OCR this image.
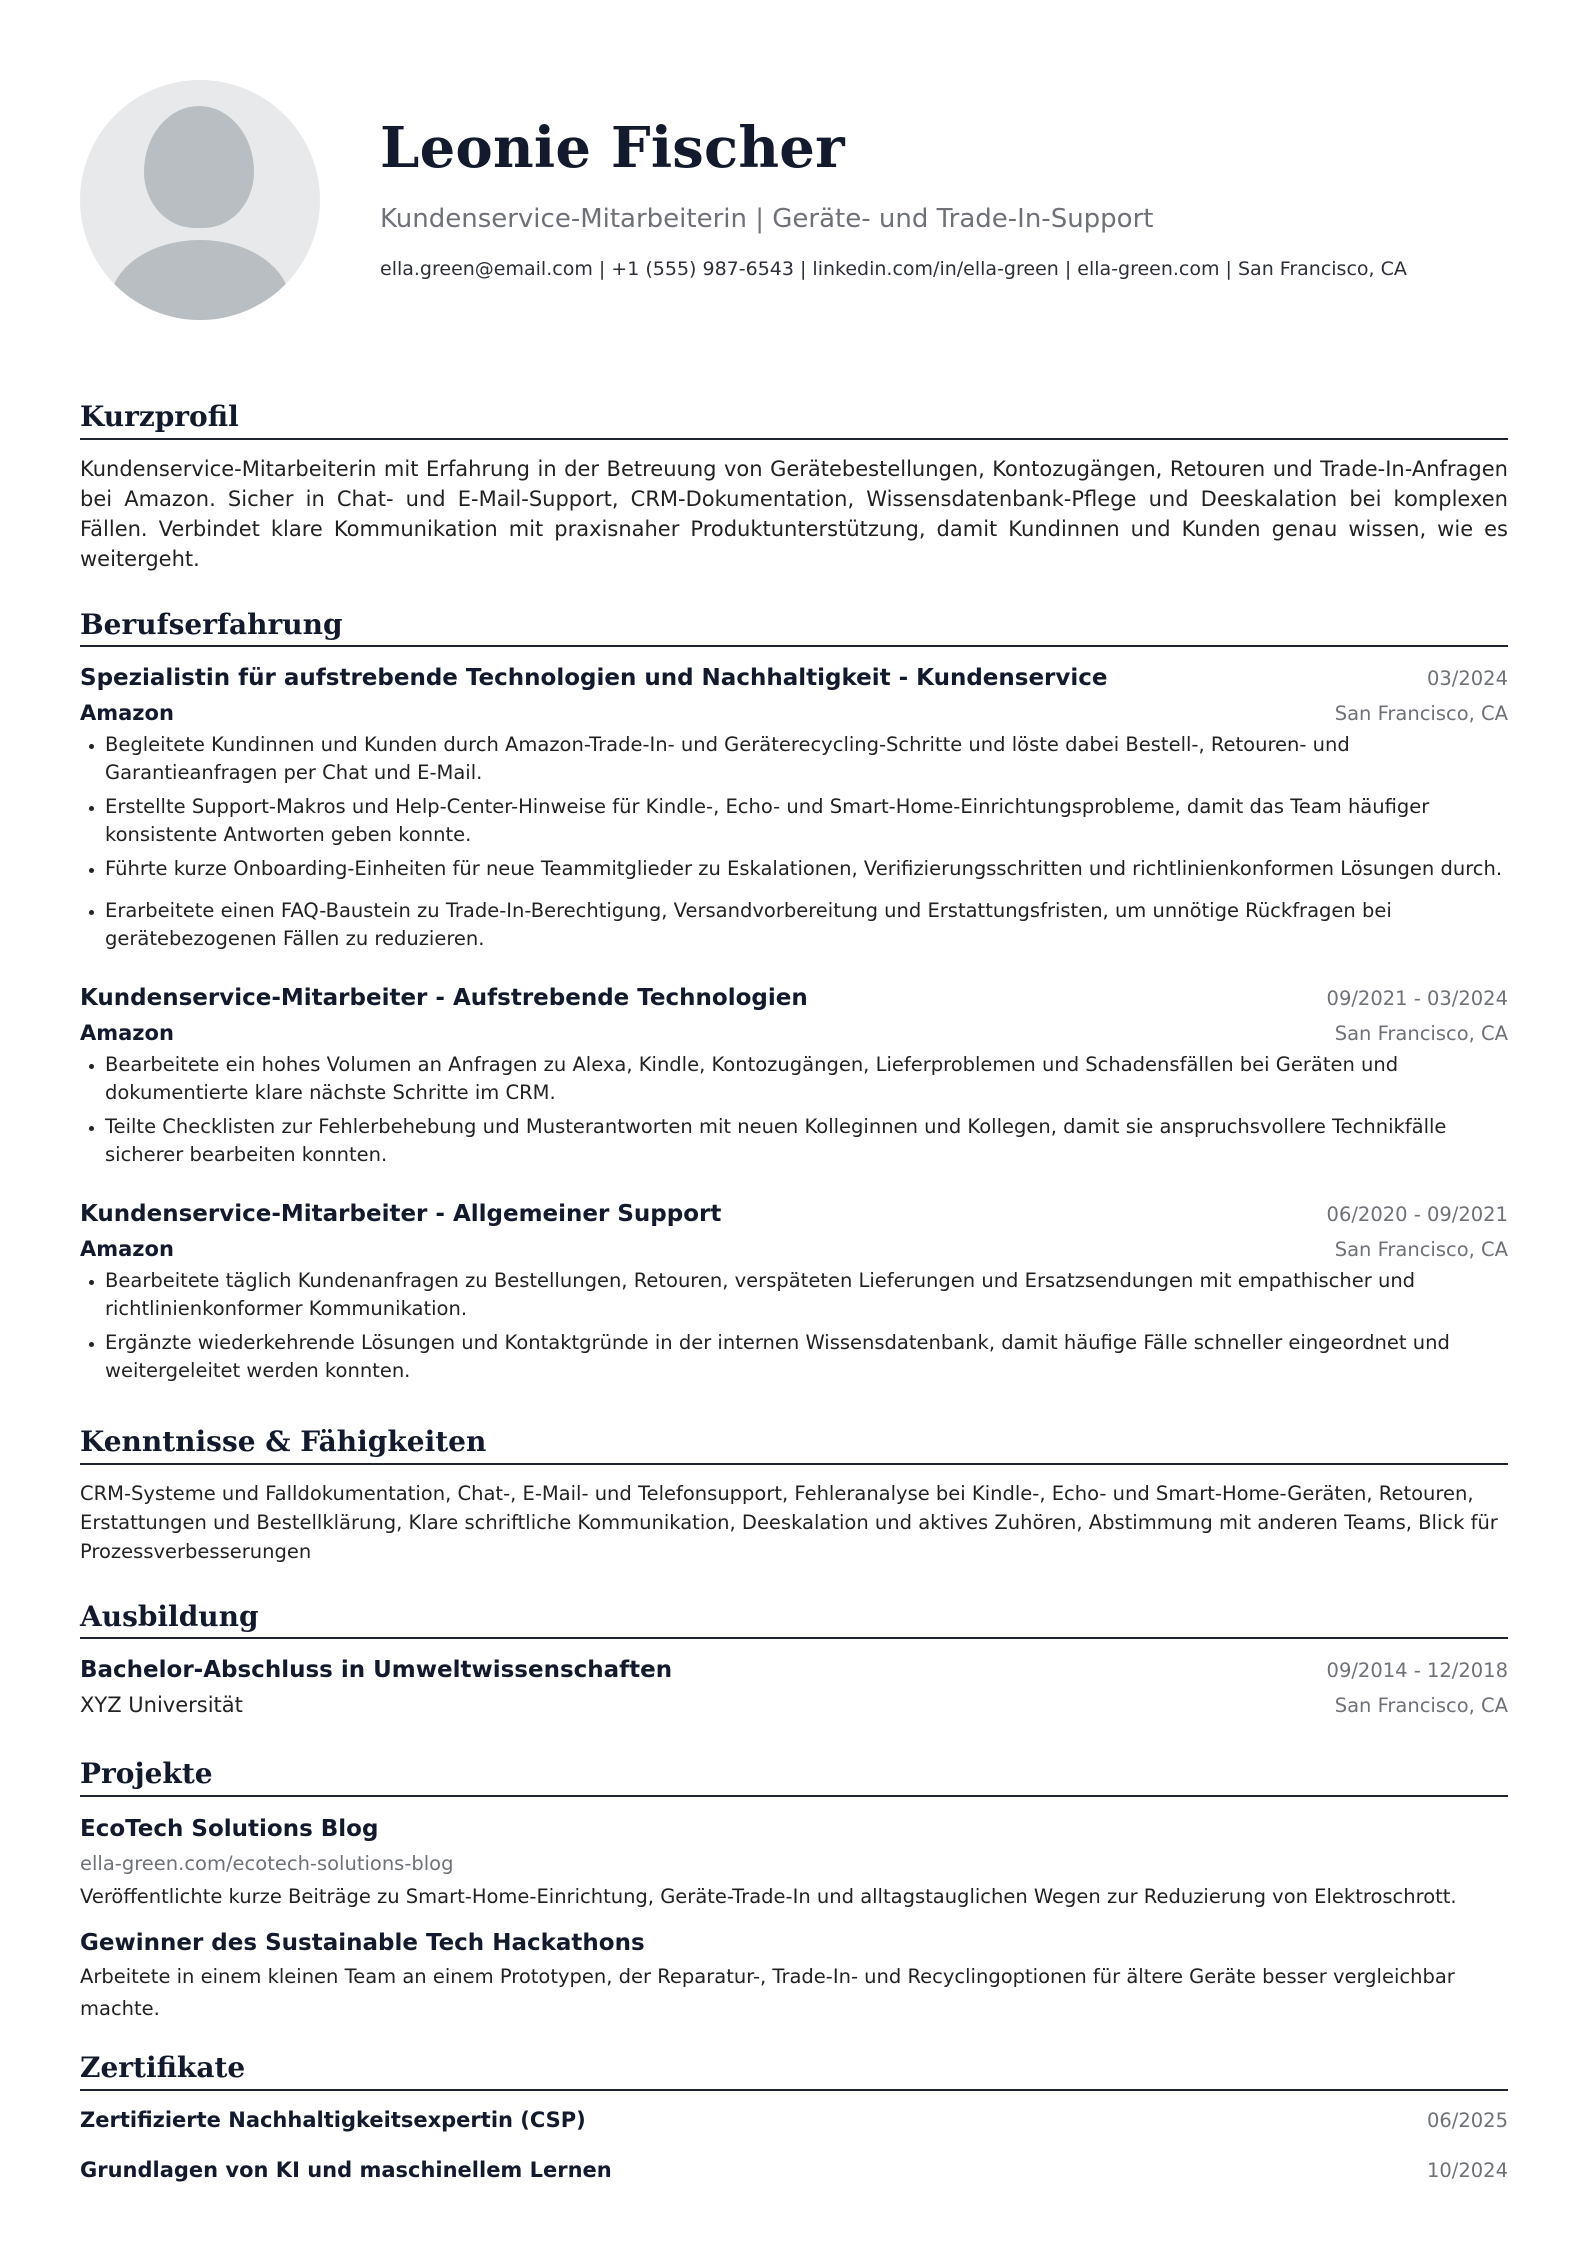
Leonie Fischer
Kundenservice-Mitarbeiterin | Geräte- und Trade-In-Support
ella.green@email.com | +1 (555) 987-6543 | linkedin.com/in/ella-green | ella-green.com | San Francisco, CA
Kurzprofil

Kundenservice-Mitarbeiterin mit Erfahrung in der Betreuung von Gerätebestellungen, Kontozugängen, Retouren und Trade-In-Anfragen bei Amazon. Sicher in Chat- und E-Mail-Support, CRM-Dokumentation, Wissensdatenbank-Pflege und Deeskalation bei komplexen Fällen. Verbindet klare Kommunikation mit praxisnaher Produktunterstützung, damit Kundinnen und Kunden genau wissen, wie es weitergeht.

Berufserfahrung
Spezialistin für aufstrebende Technologien und Nachhaltigkeit - Kundenservice	03/2024
Amazon	San Francisco, CA
Begleitete Kundinnen und Kunden durch Amazon-Trade-In- und Geräterecycling-Schritte und löste dabei Bestell-, Retouren- und Garantieanfragen per Chat und E-Mail.
Erstellte Support-Makros und Help-Center-Hinweise für Kindle-, Echo- und Smart-Home-Einrichtungsprobleme, damit das Team häufiger konsistente Antworten geben konnte.
Führte kurze Onboarding-Einheiten für neue Teammitglieder zu Eskalationen, Verifizierungsschritten und richtlinienkonformen Lösungen durch.
Erarbeitete einen FAQ-Baustein zu Trade-In-Berechtigung, Versandvorbereitung und Erstattungsfristen, um unnötige Rückfragen bei gerätebezogenen Fällen zu reduzieren.
Kundenservice-Mitarbeiter - Aufstrebende Technologien	09/2021 - 03/2024
Amazon	San Francisco, CA
Bearbeitete ein hohes Volumen an Anfragen zu Alexa, Kindle, Kontozugängen, Lieferproblemen und Schadensfällen bei Geräten und dokumentierte klare nächste Schritte im CRM.
Teilte Checklisten zur Fehlerbehebung und Musterantworten mit neuen Kolleginnen und Kollegen, damit sie anspruchsvollere Technikfälle sicherer bearbeiten konnten.
Kundenservice-Mitarbeiter - Allgemeiner Support	06/2020 - 09/2021
Amazon	San Francisco, CA
Bearbeitete täglich Kundenanfragen zu Bestellungen, Retouren, verspäteten Lieferungen und Ersatzsendungen mit empathischer und richtlinienkonformer Kommunikation.
Ergänzte wiederkehrende Lösungen und Kontaktgründe in der internen Wissensdatenbank, damit häufige Fälle schneller eingeordnet und weitergeleitet werden konnten.
Kenntnisse & Fähigkeiten

CRM-Systeme und Falldokumentation, Chat-, E-Mail- und Telefonsupport, Fehleranalyse bei Kindle-, Echo- und Smart-Home-Geräten, Retouren, Erstattungen und Bestellklärung, Klare schriftliche Kommunikation, Deeskalation und aktives Zuhören, Abstimmung mit anderen Teams, Blick für Prozessverbesserungen

Ausbildung
Bachelor-Abschluss in Umweltwissenschaften	09/2014 - 12/2018
XYZ Universität	San Francisco, CA
Projekte
EcoTech Solutions Blog
ella-green.com/ecotech-solutions-blog
Veröffentlichte kurze Beiträge zu Smart-Home-Einrichtung, Geräte-Trade-In und alltagstauglichen Wegen zur Reduzierung von Elektroschrott.
Gewinner des Sustainable Tech Hackathons
Arbeitete in einem kleinen Team an einem Prototypen, der Reparatur-, Trade-In- und Recyclingoptionen für ältere Geräte besser vergleichbar machte.
Zertifikate
Zertifizierte Nachhaltigkeitsexpertin (CSP)	06/2025
Grundlagen von KI und maschinellem Lernen	10/2024
